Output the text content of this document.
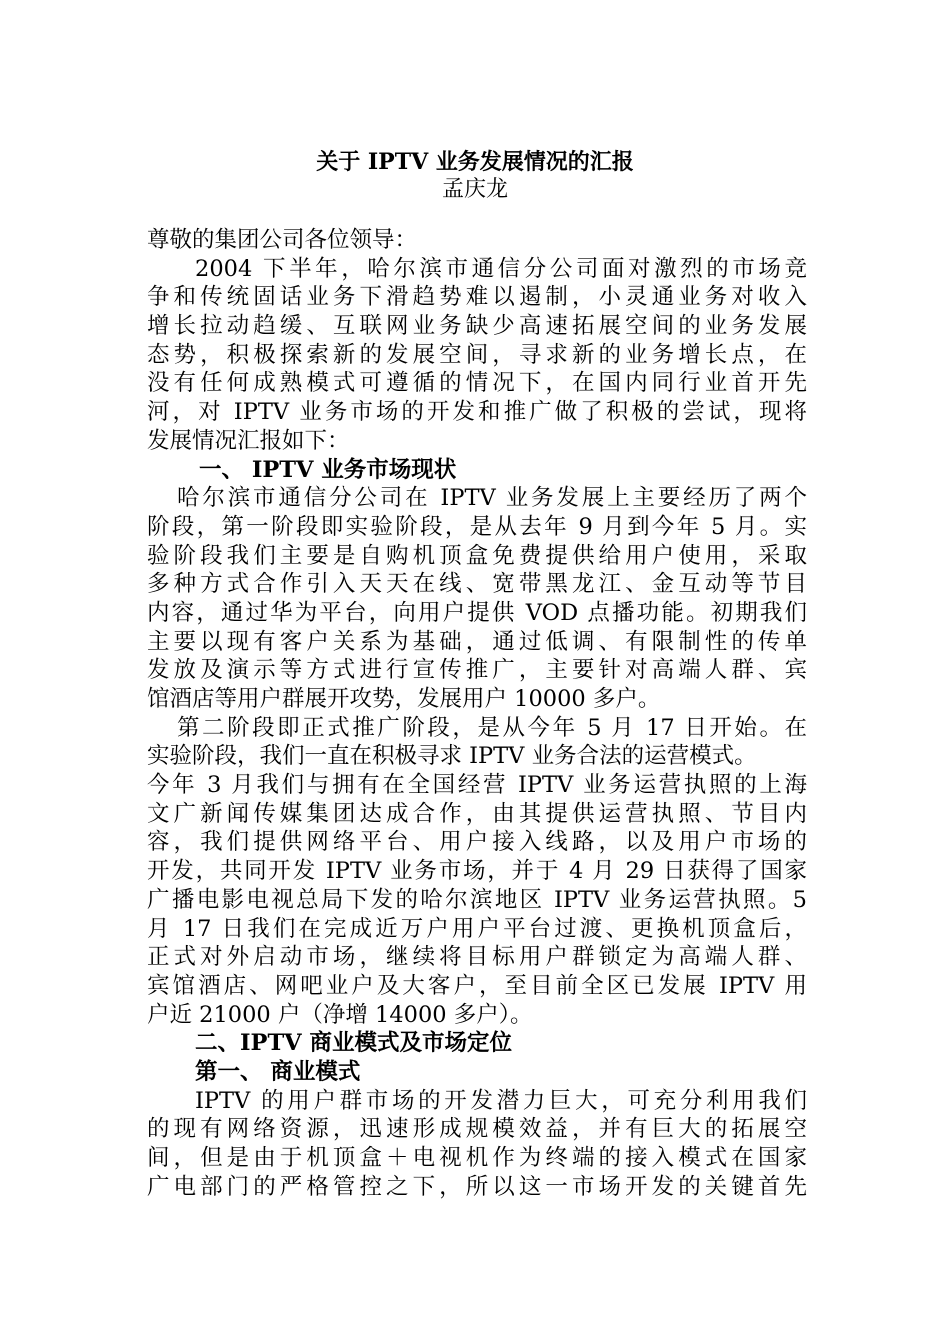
关于 IPTV 业务发展情况的汇报
孟庆龙
尊敬的集团公司各位领导：
2004 下半年，哈尔滨市通信分公司面对激烈的市场竞
争和传统固话业务下滑趋势难以遏制，小灵通业务对收入
增长拉动趋缓、互联网业务缺少高速拓展空间的业务发展
态势，积极探索新的发展空间，寻求新的业务增长点，在
没有任何成熟模式可遵循的情况下，在国内同行业首开先
河，对 IPTV 业务市场的开发和推广做了积极的尝试，现将
发展情况汇报如下：
一、 IPTV 业务市场现状
哈尔滨市通信分公司在 IPTV 业务发展上主要经历了两个
阶段，第一阶段即实验阶段，是从去年 9 月到今年 5 月。实
验阶段我们主要是自购机顶盒免费提供给用户使用，采取
多种方式合作引入天天在线、宽带黑龙江、金互动等节目
内容，通过华为平台，向用户提供 VOD 点播功能。初期我们
主要以现有客户关系为基础，通过低调、有限制性的传单
发放及演示等方式进行宣传推广，主要针对高端人群、宾
馆酒店等用户群展开攻势，发展用户 10000 多户。
第二阶段即正式推广阶段，是从今年 5 月 17 日开始。在
实验阶段，我们一直在积极寻求 IPTV 业务合法的运营模式。
今年 3 月我们与拥有在全国经营 IPTV 业务运营执照的上海
文广新闻传媒集团达成合作，由其提供运营执照、节目内
容，我们提供网络平台、用户接入线路，以及用户市场的
开发，共同开发 IPTV 业务市场，并于 4 月 29 日获得了国家
广播电影电视总局下发的哈尔滨地区 IPTV 业务运营执照。5
月 17 日我们在完成近万户用户平台过渡、更换机顶盒后，
正式对外启动市场，继续将目标用户群锁定为高端人群、
宾馆酒店、网吧业户及大客户，至目前全区已发展 IPTV 用
户近 21000 户（净增 14000 多户）。
二、IPTV 商业模式及市场定位
第一、 商业模式
IPTV 的用户群市场的开发潜力巨大，可充分利用我们
的现有网络资源，迅速形成规模效益，并有巨大的拓展空
间，但是由于机顶盒＋电视机作为终端的接入模式在国家
广电部门的严格管控之下，所以这一市场开发的关键首先
